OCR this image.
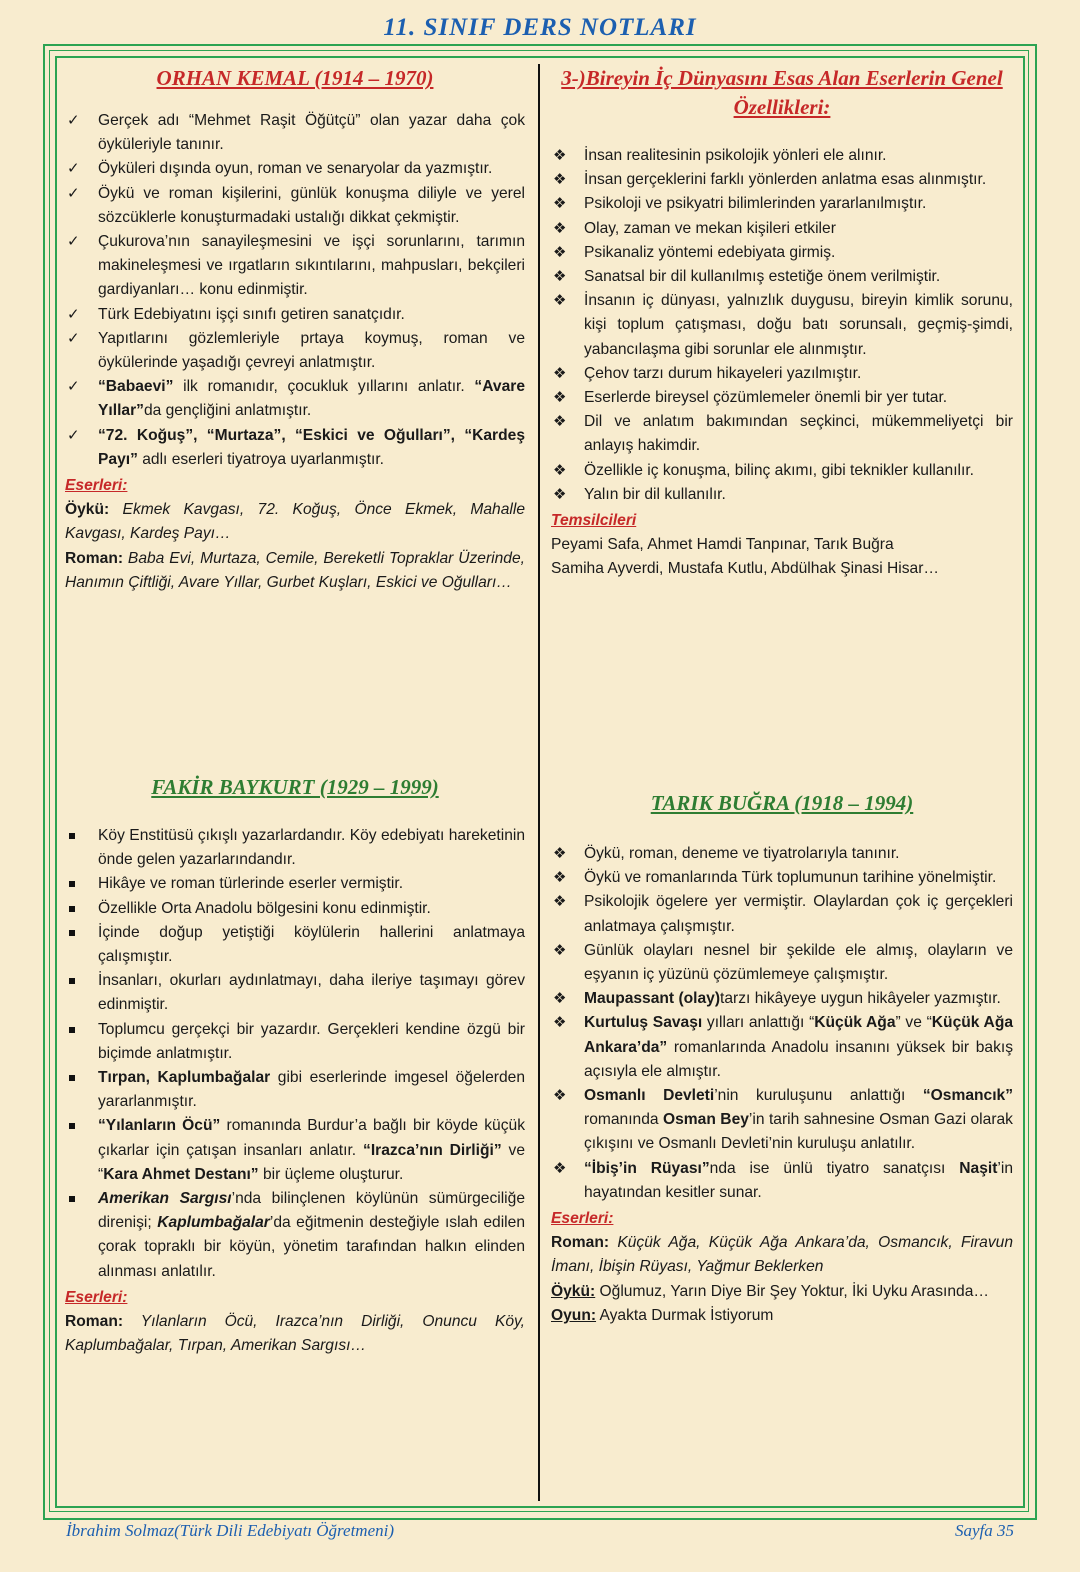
11. SINIF DERS NOTLARI
ORHAN KEMAL (1914 – 1970)
✓ Gerçek adı “Mehmet Raşit Öğütçü” olan yazar daha çok öyküleriyle tanınır.
✓ Öyküleri dışında oyun, roman ve senaryolar da yazmıştır.
✓ Öykü ve roman kişilerini, günlük konuşma diliyle ve yerel sözcüklerle konuşturmadaki ustalığı dikkat çekmiştir.
✓ Çukurova’nın sanayileşmesini ve işçi sorunlarını, tarımın makineleşmesi ve ırgatların sıkıntılarını, mahpusları, bekçileri gardiyanları… konu edinmiştir.
✓ Türk Edebiyatını işçi sınıfı getiren sanatçıdır.
✓ Yapıtlarını gözlemleriyle prtaya koymuş, roman ve öykülerinde yaşadığı çevreyi anlatmıştır.
✓ “Babaevi” ilk romanıdır, çocukluk yıllarını anlatır. “Avare Yıllar”da gençliğini anlatmıştır.
✓ “72. Koğuş”, “Murtaza”, “Eskici ve Oğulları”, “Kardeş Payı” adlı eserleri tiyatroya uyarlanmıştır.
Eserleri:
Öykü: Ekmek Kavgası, 72. Koğuş, Önce Ekmek, Mahalle Kavgası, Kardeş Payı…
Roman: Baba Evi, Murtaza, Cemile, Bereketli Topraklar Üzerinde, Hanımın Çiftliği, Avare Yıllar, Gurbet Kuşları, Eskici ve Oğulları…
3-)Bireyin İç Dünyasını Esas Alan Eserlerin Genel Özellikleri:
❖ İnsan realitesinin psikolojik yönleri ele alınır.
❖ İnsan gerçeklerini farklı yönlerden anlatma esas alınmıştır.
❖ Psikoloji ve psikyatri bilimlerinden yararlanılmıştır.
❖ Olay, zaman ve mekan kişileri etkiler
❖ Psikanaliz yöntemi edebiyata girmiş.
❖ Sanatsal bir dil kullanılmış estetiğe önem verilmiştir.
❖ İnsanın iç dünyası, yalnızlık duygusu, bireyin kimlik sorunu, kişi toplum çatışması, doğu batı sorunsalı, geçmiş-şimdi, yabancılaşma gibi sorunlar ele alınmıştır.
❖ Çehov tarzı durum hikayeleri yazılmıştır.
❖ Eserlerde bireysel çözümlemeler önemli bir yer tutar.
❖ Dil ve anlatım bakımından seçkinci, mükemmeliyetçi bir anlayış hakimdir.
❖ Özellikle iç konuşma, bilinç akımı, gibi teknikler kullanılır.
❖ Yalın bir dil kullanılır.
Temsilcileri
Peyami Safa, Ahmet Hamdi Tanpınar, Tarık Buğra
Samiha Ayverdi, Mustafa Kutlu, Abdülhak Şinasi Hisar…
FAKİR BAYKURT (1929 – 1999)
Köy Enstitüsü çıkışlı yazarlardandır. Köy edebiyatı hareketinin önde gelen yazarlarındandır.
Hikâye ve roman türlerinde eserler vermiştir.
Özellikle Orta Anadolu bölgesini konu edinmiştir.
İçinde doğup yetiştiği köylülerin hallerini anlatmaya çalışmıştır.
İnsanları, okurları aydınlatmayı, daha ileriye taşımayı görev edinmiştir.
Toplumcu gerçekçi bir yazardır. Gerçekleri kendine özgü bir biçimde anlatmıştır.
Tırpan, Kaplumbağalar gibi eserlerinde imgesel öğelerden yararlanmıştır.
“Yılanların Öcü” romanında Burdur’a bağlı bir köyde küçük çıkarlar için çatışan insanları anlatır. “Irazca’nın Dirliği” ve “Kara Ahmet Destanı” bir üçleme oluşturur.
Amerikan Sargısı’nda bilinçlenen köylünün sümürgeciliğe direnişi; Kaplumbağalar’da eğitmenin desteğiyle ıslah edilen çorak topraklı bir köyün, yönetim tarafından halkın elinden alınması anlatılır.
Eserleri:
Roman: Yılanların Öcü, Irazca’nın Dirliği, Onuncu Köy, Kaplumbağalar, Tırpan, Amerikan Sargısı…
TARIK BUĞRA (1918 – 1994)
❖ Öykü, roman, deneme ve tiyatrolarıyla tanınır.
❖ Öykü ve romanlarında Türk toplumunun tarihine yönelmiştir.
❖ Psikolojik ögelere yer vermiştir. Olaylardan çok iç gerçekleri anlatmaya çalışmıştır.
❖ Günlük olayları nesnel bir şekilde ele almış, olayların ve eşyanın iç yüzünü çözümlemeye çalışmıştır.
❖ Maupassant (olay)tarzı hikâyeye uygun hikâyeler yazmıştır.
❖ Kurtuluş Savaşı yılları anlattığı “Küçük Ağa” ve “Küçük Ağa Ankara’da” romanlarında Anadolu insanını yüksek bir bakış açısıyla ele almıştır.
❖ Osmanlı Devleti’nin kuruluşunu anlattığı “Osmancık” romanında Osman Bey’in tarih sahnesine Osman Gazi olarak çıkışını ve Osmanlı Devleti’nin kuruluşu anlatılır.
❖ “İbiş’in Rüyası”nda ise ünlü tiyatro sanatçısı Naşit’in hayatından kesitler sunar.
Eserleri:
Roman: Küçük Ağa, Küçük Ağa Ankara’da, Osmancık, Firavun İmanı, İbişin Rüyası, Yağmur Beklerken
Öykü: Oğlumuz, Yarın Diye Bir Şey Yoktur, İki Uyku Arasında…
Oyun: Ayakta Durmak İstiyorum
İbrahim Solmaz(Türk Dili Edebiyatı Öğretmeni)	Sayfa 35
